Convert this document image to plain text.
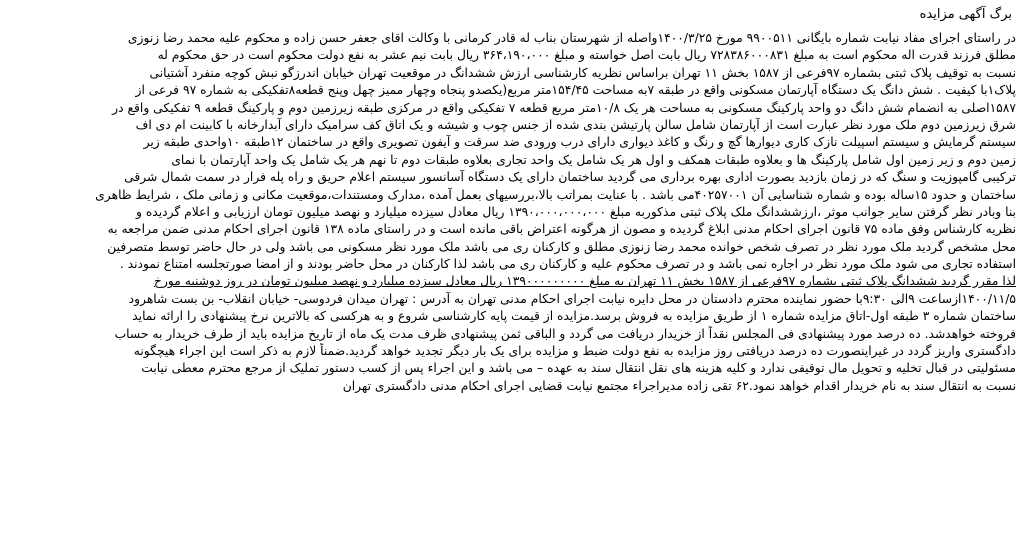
برگ آگهی مزایده
در راستای اجرای مفاد نیابت شماره بایگانی ۹۹۰۰۵۱۱ مورخ ۱۴۰۰/۳/۲۵واصله از شهرستان بناب له قادر کرمانی با وکالت اقای جعفر حسن زاده و محکوم علیه محمد رضا زنوزی
مطلق فرزند قدرت اله محکوم است به مبلغ ۷۲۸۳۸۶۰۰۰۸۳۱ ریال بابت اصل خواسته و مبلغ ۳۶۴،۱۹۰،۰۰۰ ریال بابت نیم عشر به نفع دولت محکوم است در حق محکوم له
نسبت به توقیف پلاک ثبتی بشماره ۹۷فرعی از ۱۵۸۷ بخش ۱۱ تهران براساس نظریه کارشناسی ارزش ششدانگ در موقعیت تهران خیابان اندرزگو نبش کوچه منفرد آشتیانی
پلاک۱با کیفیت . شش دانگ یک دستگاه آپارتمان مسکونی واقع در طبقه ۷به مساحت ۱۵۴/۴۵متر مربع(یکصدو پنجاه وچهار ممیز چهل وپنج قطعه۸تفکیکی به شماره ۹۷ فرعی از
۱۵۸۷اصلی به انضمام شش دانگ دو واحد پارکینگ مسکونی به مساحت هر یک ۱۰/۸متر مربع قطعه ۷ تفکیکی واقع در مرکزی طبقه زیرزمین دوم و پارکینگ قطعه ۹ تفکیکی واقع در
شرق زیرزمین دوم ملک مورد نظر عبارت است از آپارتمان شامل سالن پارتیشن بندی شده از جنس چوب و شیشه و یک اتاق کف سرامیک دارای آبدارخانه با کابینت ام دی اف
سیستم گرمایش و سیستم اسپیلت نازک کاری دیوارها گچ و رنگ و کاغذ دیواری دارای درب ورودی ضد سرقت و آیفون تصویری واقع در ساختمان ۱۲طبقه ۱۰واحدی طبقه زیر
زمین دوم و زیر زمین اول شامل پارکینگ ها و بعلاوه طبقات همکف و اول هر یک شامل یک واحد تجاری بعلاوه طبقات دوم تا نهم هر یک شامل یک واحد آپارتمان با نمای
ترکیبی گامپوزیت و سنگ که در زمان بازدید بصورت اداری بهره برداری می گردید ساختمان دارای یک دستگاه آسانسور سیستم اعلام حریق و راه پله فرار در سمت شمال شرقی
ساختمان و حدود ۱۵ساله بوده و شماره شناسایی آن ۴۰۲۵۷۰۰۱می باشد . با عنایت بمراتب بالا،بررسیهای بعمل آمده ،مدارک ومستندات،موقعیت مکانی و زمانی ملک ، شرایط ظاهری
بنا وبادر نظر گرفتن سایر جوانب موثر ،ارزششدانگ ملک پلاک ثبتی مذکوربه مبلغ ۱۳۹۰،۰۰۰،۰۰۰،۰۰۰ ریال معادل سیزده میلیارد و نهصد میلیون تومان ارزیابی و اعلام گردیده و
نظریه کارشناس وفق ماده ۷۵ قانون اجرای احکام مدنی ابلاغ گردیده و مصون از هرگونه اعتراض باقی مانده است و در راستای ماده ۱۳۸ قانون اجرای احکام مدنی ضمن مراجعه به
محل مشخص گردید ملک مورد نظر در تصرف شخص خوانده محمد رضا زنوزی مطلق و کارکنان ری می باشد ملک مورد نظر مسکونی می باشد ولی در حال حاضر توسط متصرفین
استفاده تجاری می شود ملک مورد نظر در اجاره نمی باشد و در تصرف محکوم علیه و کارکنان ری می باشد لذا کارکنان در محل حاضر بودند و از امضا صورتجلسه امتناع نمودند .
لذا مقرر گردید ششدانگ پلاک ثبتی بشماره ۹۷فرعی از ۱۵۸۷ بخش ۱۱ تهران به مبلغ ۱۳۹۰۰۰۰۰۰۰۰۰ ریال معادل سیزده میلیارد و نهصد میلیون تومان در روز دوشنبه مورخ
۱۴۰۰/۱۱/۵ازساعت ۹الی ۹:۳۰با حضور نماینده محترم دادستان در محل دایره نیابت اجرای احکام مدنی تهران به آدرس : تهران میدان فردوسی- خیابان انقلاب- بن بست شاهرود
ساختمان شماره ۳ طبقه اول-اتاق مزایده شماره ۱ از طریق مزایده به فروش برسد.مزایده از قیمت پایه کارشناسی شروع و به هرکسی که بالاترین نرخ پیشنهادی را ارائه نماید
فروخته خواهدشد. ده درصد مورد پیشنهادی فی المجلس نقداً از خریدار دریافت می گردد و الباقی ثمن پیشنهادی ظرف مدت یک ماه از تاریخ مزایده باید از طرف خریدار به حساب
دادگستری واریز گردد در غیراینصورت ده درصد دریافتی روز مزایده به نفع دولت ضبط و مزایده برای یک بار دیگر تجدید خواهد گردید.ضمناً لازم به ذکر است این اجراء هیچگونه
مسئولیتی در قبال تخلیه و تحویل مال توقیفی ندارد و کلیه هزینه های نقل انتقال سند به عهده – می باشد و این اجراء پس از کسب دستور تملیک از مرجع محترم معطی نیابت
نسبت به انتقال سند به نام خریدار اقدام خواهد نمود.۶۲ تقی زاده مدیراجراء مجتمع نیابت قضایی اجرای احکام مدنی دادگستری تهران
